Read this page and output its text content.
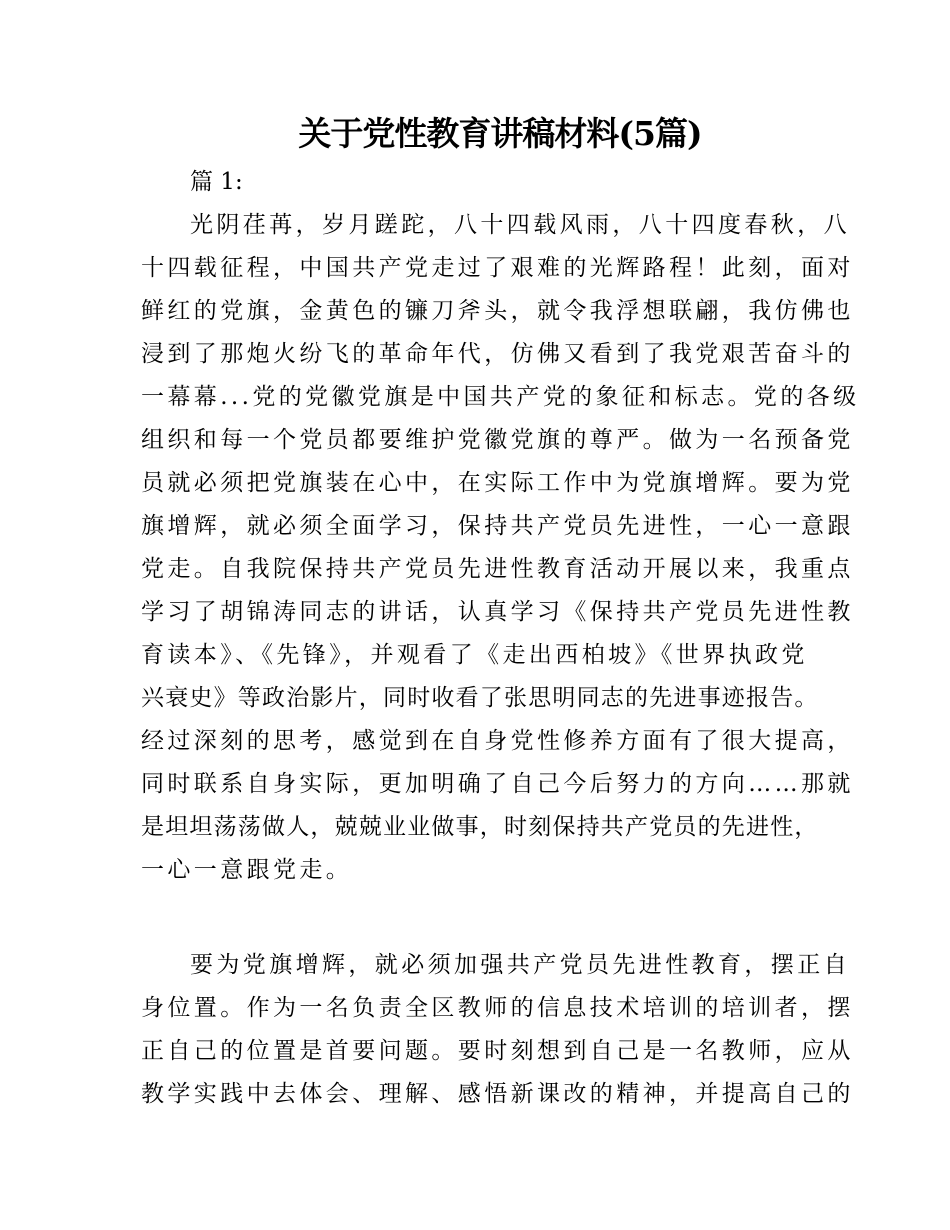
关于党性教育讲稿材料(5篇)

篇 1:

光阴荏苒，岁月蹉跎，八十四载风雨，八十四度春秋，八

十四载征程，中国共产党走过了艰难的光辉路程！此刻，面对

鲜红的党旗，金黄色的镰刀斧头，就令我浮想联翩，我仿佛也

浸到了那炮火纷飞的革命年代，仿佛又看到了我党艰苦奋斗的

一幕幕...党的党徽党旗是中国共产党的象征和标志。党的各级

组织和每一个党员都要维护党徽党旗的尊严。做为一名预备党

员就必须把党旗装在心中，在实际工作中为党旗增辉。要为党

旗增辉，就必须全面学习，保持共产党员先进性，一心一意跟

党走。自我院保持共产党员先进性教育活动开展以来，我重点

学习了胡锦涛同志的讲话，认真学习《保持共产党员先进性教

育读本》、《先锋》，并观看了《走出西柏坡》《世界执政党

兴衰史》等政治影片，同时收看了张思明同志的先进事迹报告。

经过深刻的思考，感觉到在自身党性修养方面有了很大提高，

同时联系自身实际，更加明确了自己今后努力的方向……那就

是坦坦荡荡做人，兢兢业业做事，时刻保持共产党员的先进性，

一心一意跟党走。

要为党旗增辉，就必须加强共产党员先进性教育，摆正自

身位置。作为一名负责全区教师的信息技术培训的培训者，摆

正自己的位置是首要问题。要时刻想到自己是一名教师，应从

教学实践中去体会、理解、感悟新课改的精神，并提高自己的
